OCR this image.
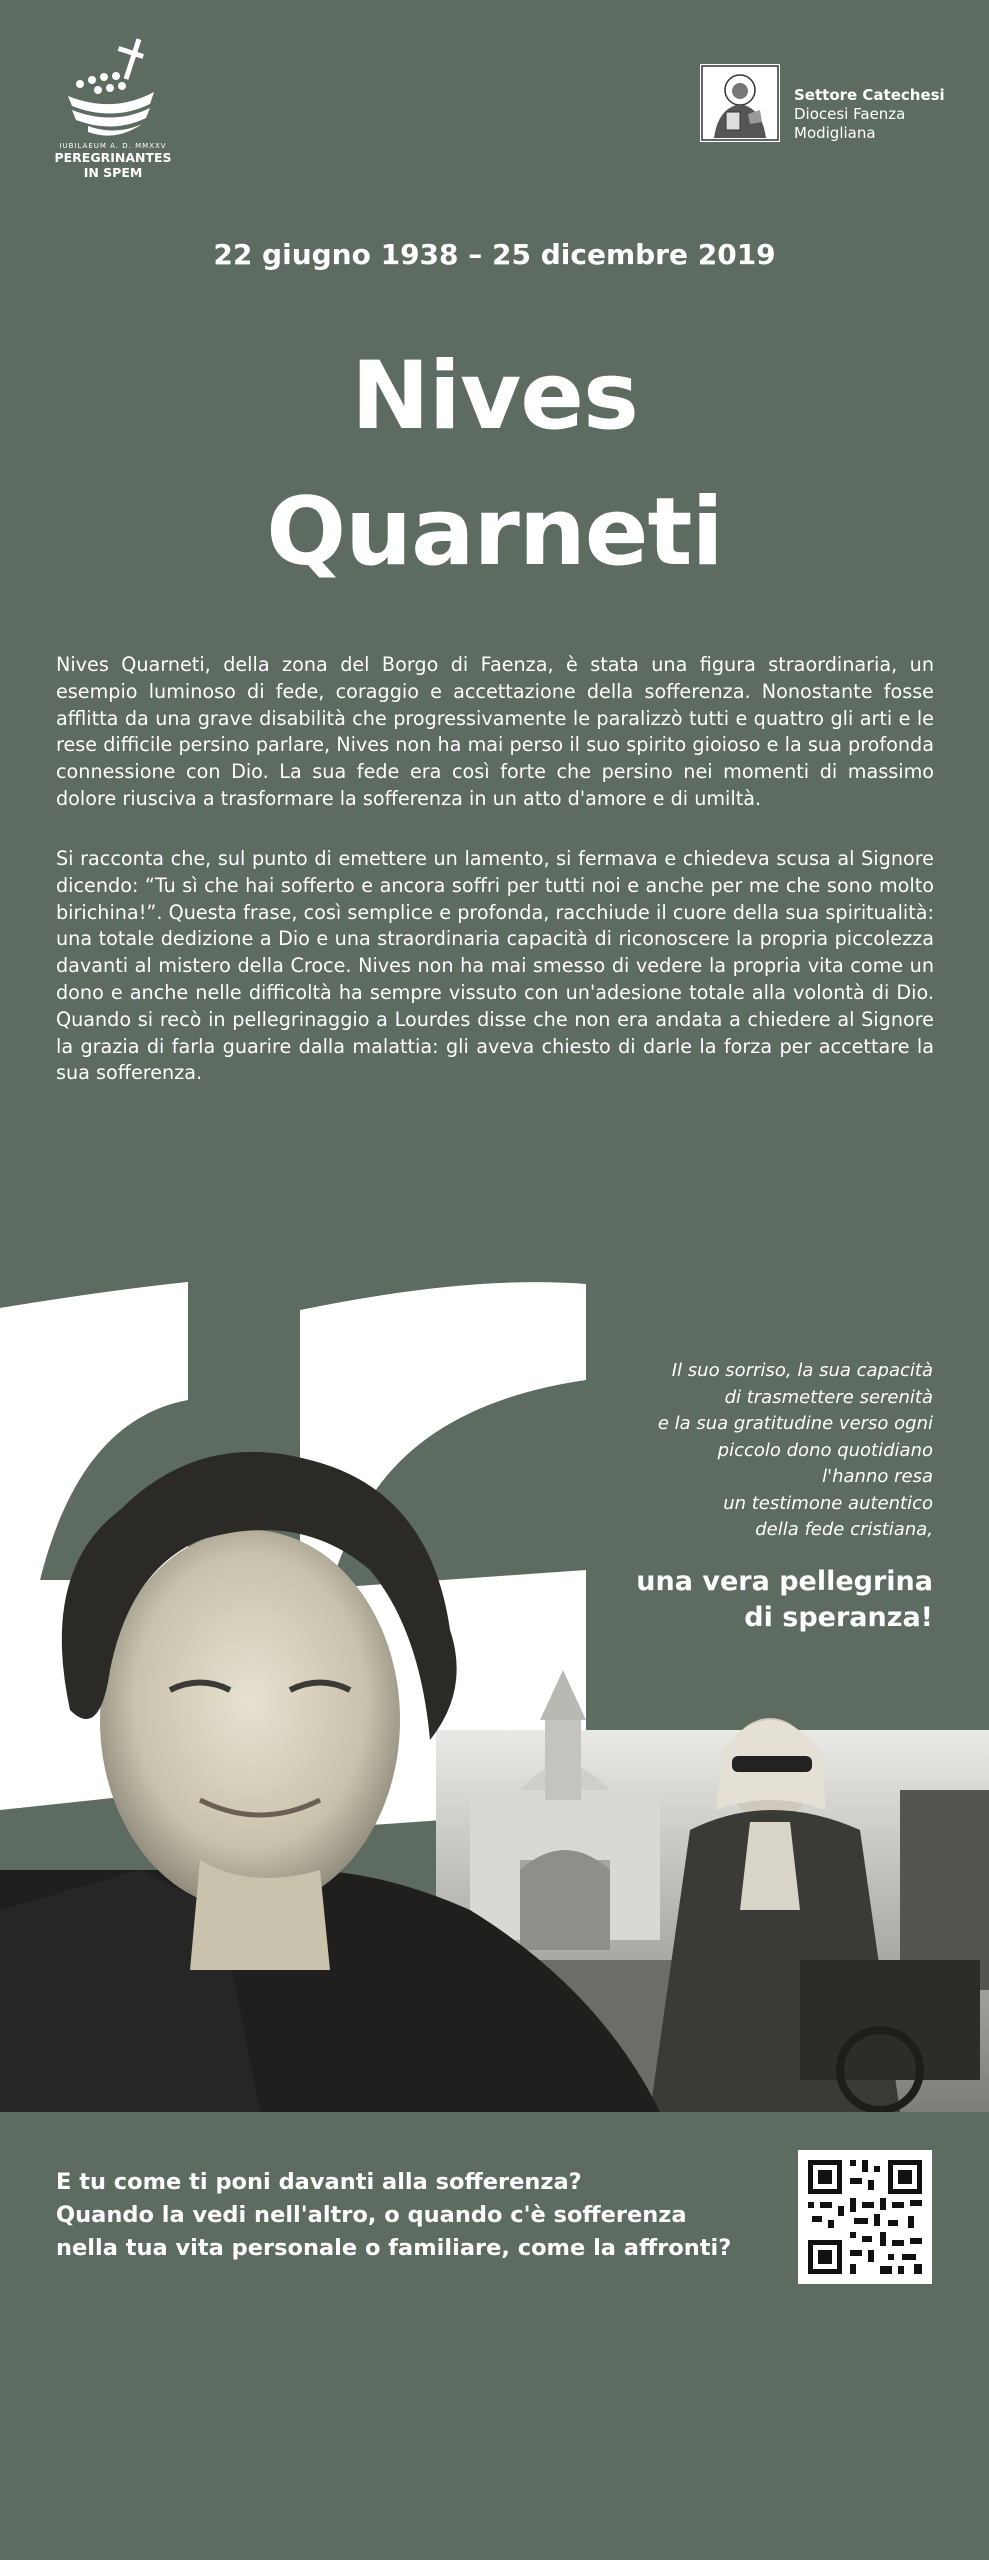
IUBILAEUM A. D. MMXXV
PEREGRINANTES
IN SPEM
Settore Catechesi
Diocesi Faenza
Modigliana
22 giugno 1938 – 25 dicembre 2019
Nives
Quarneti

Nives Quarneti, della zona del Borgo di Faenza, è stata una figura straordinaria, un esempio luminoso di fede, coraggio e accettazione della sofferenza. Nonostante fosse afflitta da una grave disabilità che progressivamente le paralizzò tutti e quattro gli arti e le rese difficile persino parlare, Nives non ha mai perso il suo spirito gioioso e la sua profonda connessione con Dio. La sua fede era così forte che persino nei momenti di massimo dolore riusciva a trasformare la sofferenza in un atto d'amore e di umiltà.

Si racconta che, sul punto di emettere un lamento, si fermava e chiedeva scusa al Signore dicendo: “Tu sì che hai sofferto e ancora soffri per tutti noi e anche per me che sono molto birichina!”. Questa frase, così semplice e profonda, racchiude il cuore della sua spiritualità: una totale dedizione a Dio e una straordinaria capacità di riconoscere la propria piccolezza davanti al mistero della Croce. Nives non ha mai smesso di vedere la propria vita come un dono e anche nelle difficoltà ha sempre vissuto con un'adesione totale alla volontà di Dio. Quando si recò in pellegrinaggio a Lourdes disse che non era andata a chiedere al Signore la grazia di farla guarire dalla malattia: gli aveva chiesto di darle la forza per accettare la sua sofferenza.

Il suo sorriso, la sua capacità
di trasmettere serenità
e la sua gratitudine verso ogni
piccolo dono quotidiano
l'hanno resa
un testimone autentico
della fede cristiana,
una vera pellegrina
di speranza!
E tu come ti poni davanti alla sofferenza?
Quando la vedi nell'altro, o quando c'è sofferenza
nella tua vita personale o familiare, come la affronti?
